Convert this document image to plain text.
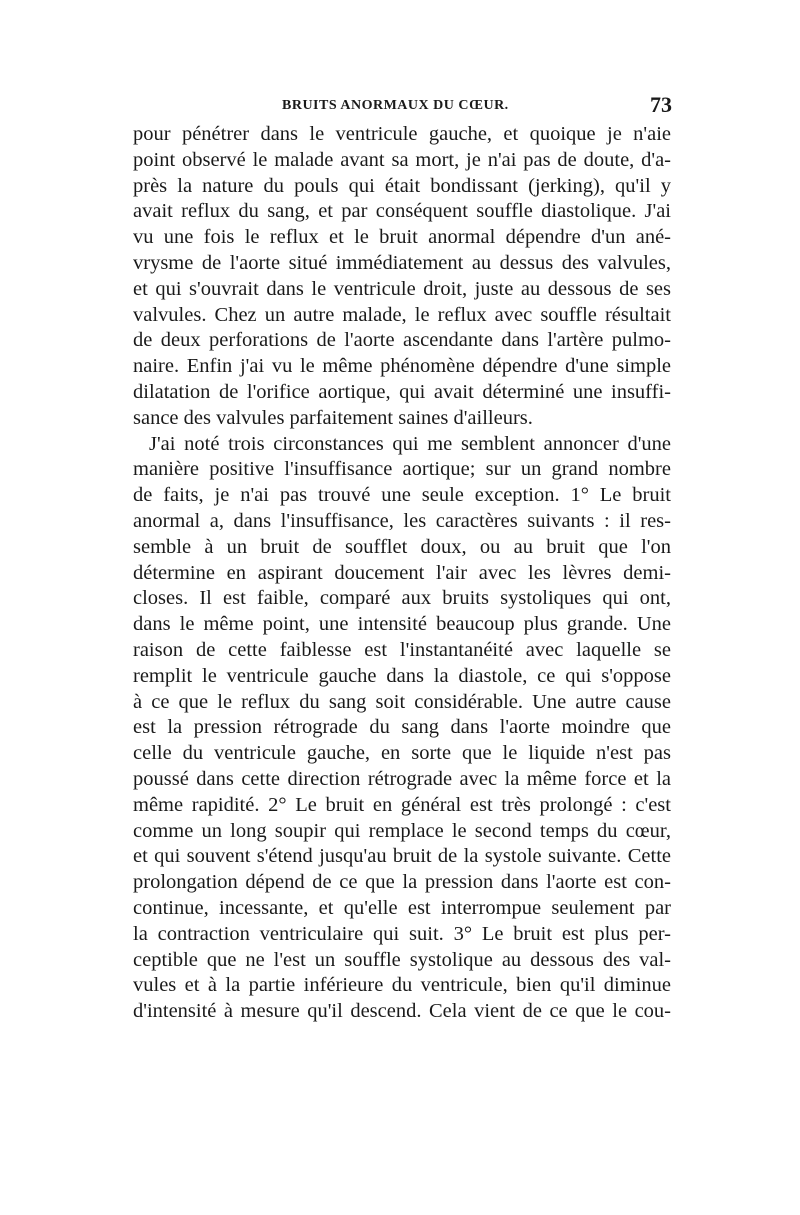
BRUITS ANORMAUX DU CŒUR.	73
pour pénétrer dans le ventricule gauche, et quoique je n'aie
point observé le malade avant sa mort, je n'ai pas de doute, d'a-
près la nature du pouls qui était bondissant (jerking), qu'il y
avait reflux du sang, et par conséquent souffle diastolique. J'ai
vu une fois le reflux et le bruit anormal dépendre d'un ané-
vrysme de l'aorte situé immédiatement au dessus des valvules,
et qui s'ouvrait dans le ventricule droit, juste au dessous de ses
valvules. Chez un autre malade, le reflux avec souffle résultait
de deux perforations de l'aorte ascendante dans l'artère pulmo-
naire. Enfin j'ai vu le même phénomène dépendre d'une simple
dilatation de l'orifice aortique, qui avait déterminé une insuffi-
sance des valvules parfaitement saines d'ailleurs.
J'ai noté trois circonstances qui me semblent annoncer d'une
manière positive l'insuffisance aortique; sur un grand nombre
de faits, je n'ai pas trouvé une seule exception. 1° Le bruit
anormal a, dans l'insuffisance, les caractères suivants : il res-
semble à un bruit de soufflet doux, ou au bruit que l'on
détermine en aspirant doucement l'air avec les lèvres demi-
closes. Il est faible, comparé aux bruits systoliques qui ont,
dans le même point, une intensité beaucoup plus grande. Une
raison de cette faiblesse est l'instantanéité avec laquelle se
remplit le ventricule gauche dans la diastole, ce qui s'oppose
à ce que le reflux du sang soit considérable. Une autre cause
est la pression rétrograde du sang dans l'aorte moindre que
celle du ventricule gauche, en sorte que le liquide n'est pas
poussé dans cette direction rétrograde avec la même force et la
même rapidité. 2° Le bruit en général est très prolongé : c'est
comme un long soupir qui remplace le second temps du cœur,
et qui souvent s'étend jusqu'au bruit de la systole suivante. Cette
prolongation dépend de ce que la pression dans l'aorte est con-
continue, incessante, et qu'elle est interrompue seulement par
la contraction ventriculaire qui suit. 3° Le bruit est plus per-
ceptible que ne l'est un souffle systolique au dessous des val-
vules et à la partie inférieure du ventricule, bien qu'il diminue
d'intensité à mesure qu'il descend. Cela vient de ce que le cou-
